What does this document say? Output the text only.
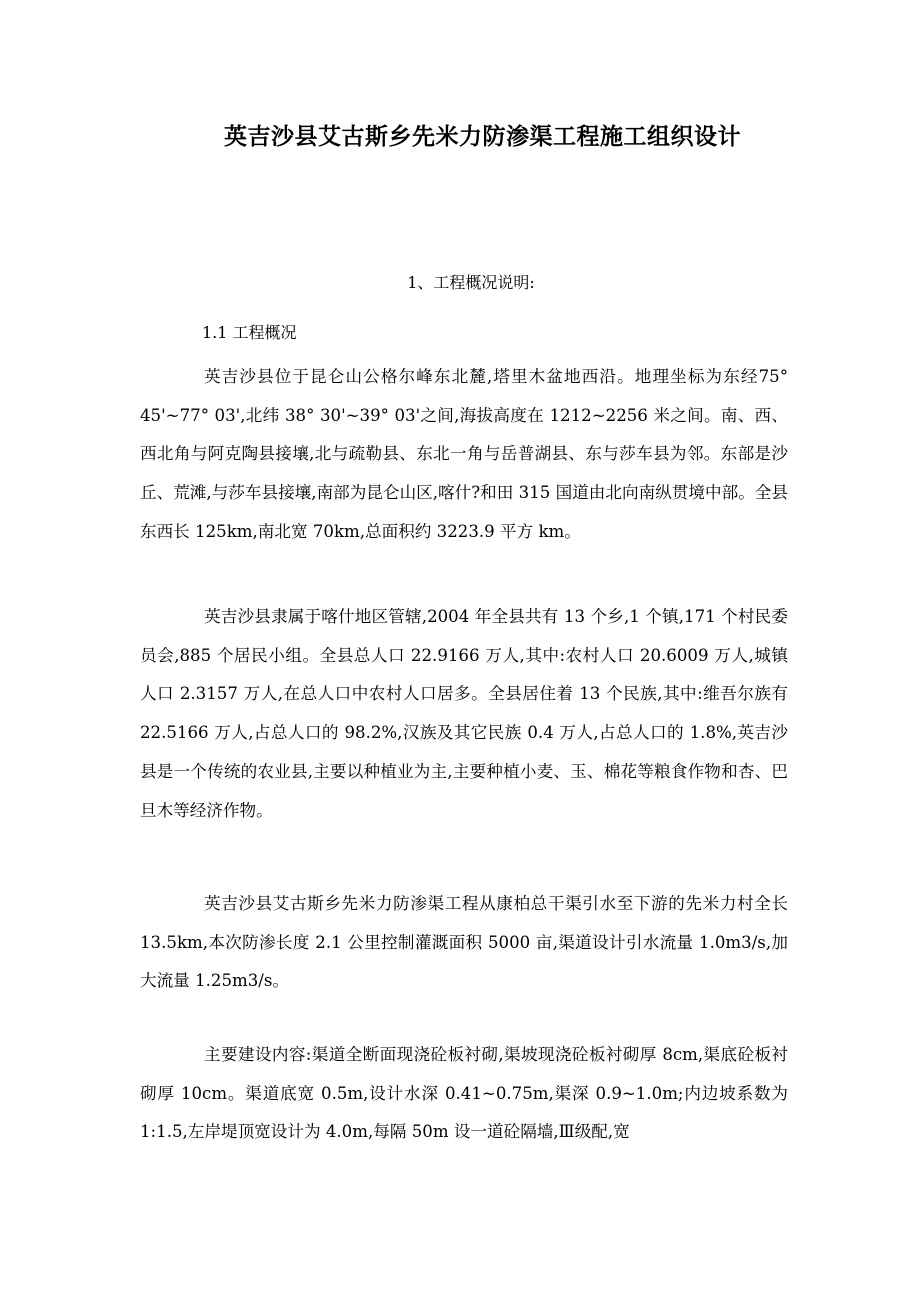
英吉沙县艾古斯乡先米力防渗渠工程施工组织设计
1、工程概况说明:
1.1 工程概况

英吉沙县位于昆仑山公格尔峰东北麓,塔里木盆地西沿。地理坐标为东经75° 45'~77° 03',北纬 38° 30'~39° 03'之间,海拔高度在 1212~2256 米之间。南、西、西北角与阿克陶县接壤,北与疏勒县、东北一角与岳普湖县、东与莎车县为邻。东部是沙丘、荒滩,与莎车县接壤,南部为昆仑山区,喀什?和田 315 国道由北向南纵贯境中部。全县东西长 125km,南北宽 70km,总面积约 3223.9 平方 km。

英吉沙县隶属于喀什地区管辖,2004 年全县共有 13 个乡,1 个镇,171 个村民委员会,885 个居民小组。全县总人口 22.9166 万人,其中:农村人口 20.6009 万人,城镇人口 2.3157 万人,在总人口中农村人口居多。全县居住着 13 个民族,其中:维吾尔族有 22.5166 万人,占总人口的 98.2%,汉族及其它民族 0.4 万人,占总人口的 1.8%,英吉沙县是一个传统的农业县,主要以种植业为主,主要种植小麦、玉、棉花等粮食作物和杏、巴旦木等经济作物。

英吉沙县艾古斯乡先米力防渗渠工程从康柏总干渠引水至下游的先米力村全长 13.5km,本次防渗长度 2.1 公里控制灌溉面积 5000 亩,渠道设计引水流量 1.0m3/s,加大流量 1.25m3/s。

主要建设内容:渠道全断面现浇砼板衬砌,渠坡现浇砼板衬砌厚 8cm,渠底砼板衬砌厚 10cm。渠道底宽 0.5m,设计水深 0.41~0.75m,渠深 0.9~1.0m;内边坡系数为 1:1.5,左岸堤顶宽设计为 4.0m,每隔 50m 设一道砼隔墙,Ⅲ级配,宽
